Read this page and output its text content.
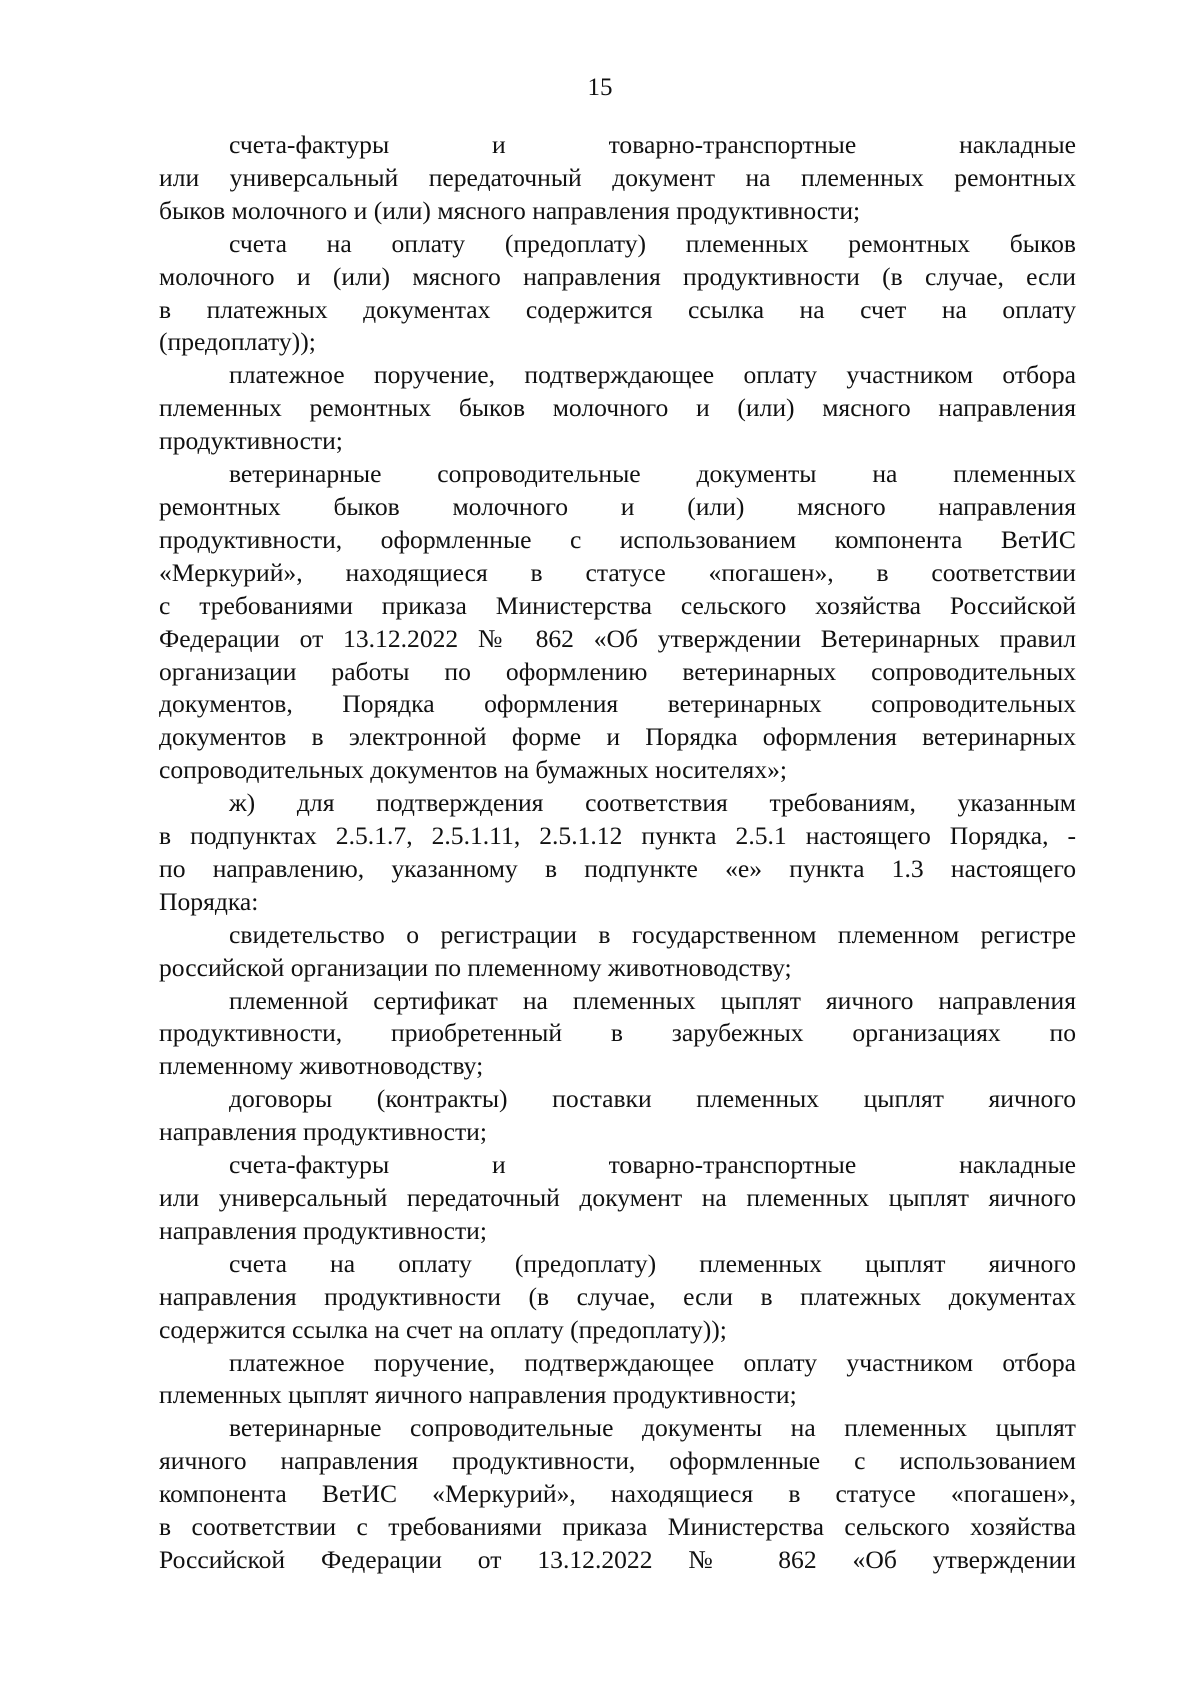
15

счета-фактуры и товарно-транспортные накладные
или универсальный передаточный документ на племенных ремонтных
быков молочного и (или) мясного направления продуктивности;

счета на оплату (предоплату) племенных ремонтных быков
молочного и (или) мясного направления продуктивности (в случае, если
в платежных документах содержится ссылка на счет на оплату
(предоплату));

платежное поручение, подтверждающее оплату участником отбора
племенных ремонтных быков молочного и (или) мясного направления
продуктивности;

ветеринарные сопроводительные документы на племенных
ремонтных быков молочного и (или) мясного направления
продуктивности, оформленные с использованием компонента ВетИС
«Меркурий», находящиеся в статусе «погашен», в соответствии
с требованиями приказа Министерства сельского хозяйства Российской
Федерации от 13.12.2022 № 862 «Об утверждении Ветеринарных правил
организации работы по оформлению ветеринарных сопроводительных
документов, Порядка оформления ветеринарных сопроводительных
документов в электронной форме и Порядка оформления ветеринарных
сопроводительных документов на бумажных носителях»;

ж) для подтверждения соответствия требованиям, указанным
в подпунктах 2.5.1.7, 2.5.1.11, 2.5.1.12 пункта 2.5.1 настоящего Порядка, -
по направлению, указанному в подпункте «е» пункта 1.3 настоящего
Порядка:

свидетельство о регистрации в государственном племенном регистре
российской организации по племенному животноводству;

племенной сертификат на племенных цыплят яичного направления
продуктивности, приобретенный в зарубежных организациях по
племенному животноводству;

договоры (контракты) поставки племенных цыплят яичного
направления продуктивности;

счета-фактуры и товарно-транспортные накладные
или универсальный передаточный документ на племенных цыплят яичного
направления продуктивности;

счета на оплату (предоплату) племенных цыплят яичного
направления продуктивности (в случае, если в платежных документах
содержится ссылка на счет на оплату (предоплату));

платежное поручение, подтверждающее оплату участником отбора
племенных цыплят яичного направления продуктивности;

ветеринарные сопроводительные документы на племенных цыплят
яичного направления продуктивности, оформленные с использованием
компонента ВетИС «Меркурий», находящиеся в статусе «погашен»,
в соответствии с требованиями приказа Министерства сельского хозяйства
Российской Федерации от 13.12.2022 № 862 «Об утверждении
